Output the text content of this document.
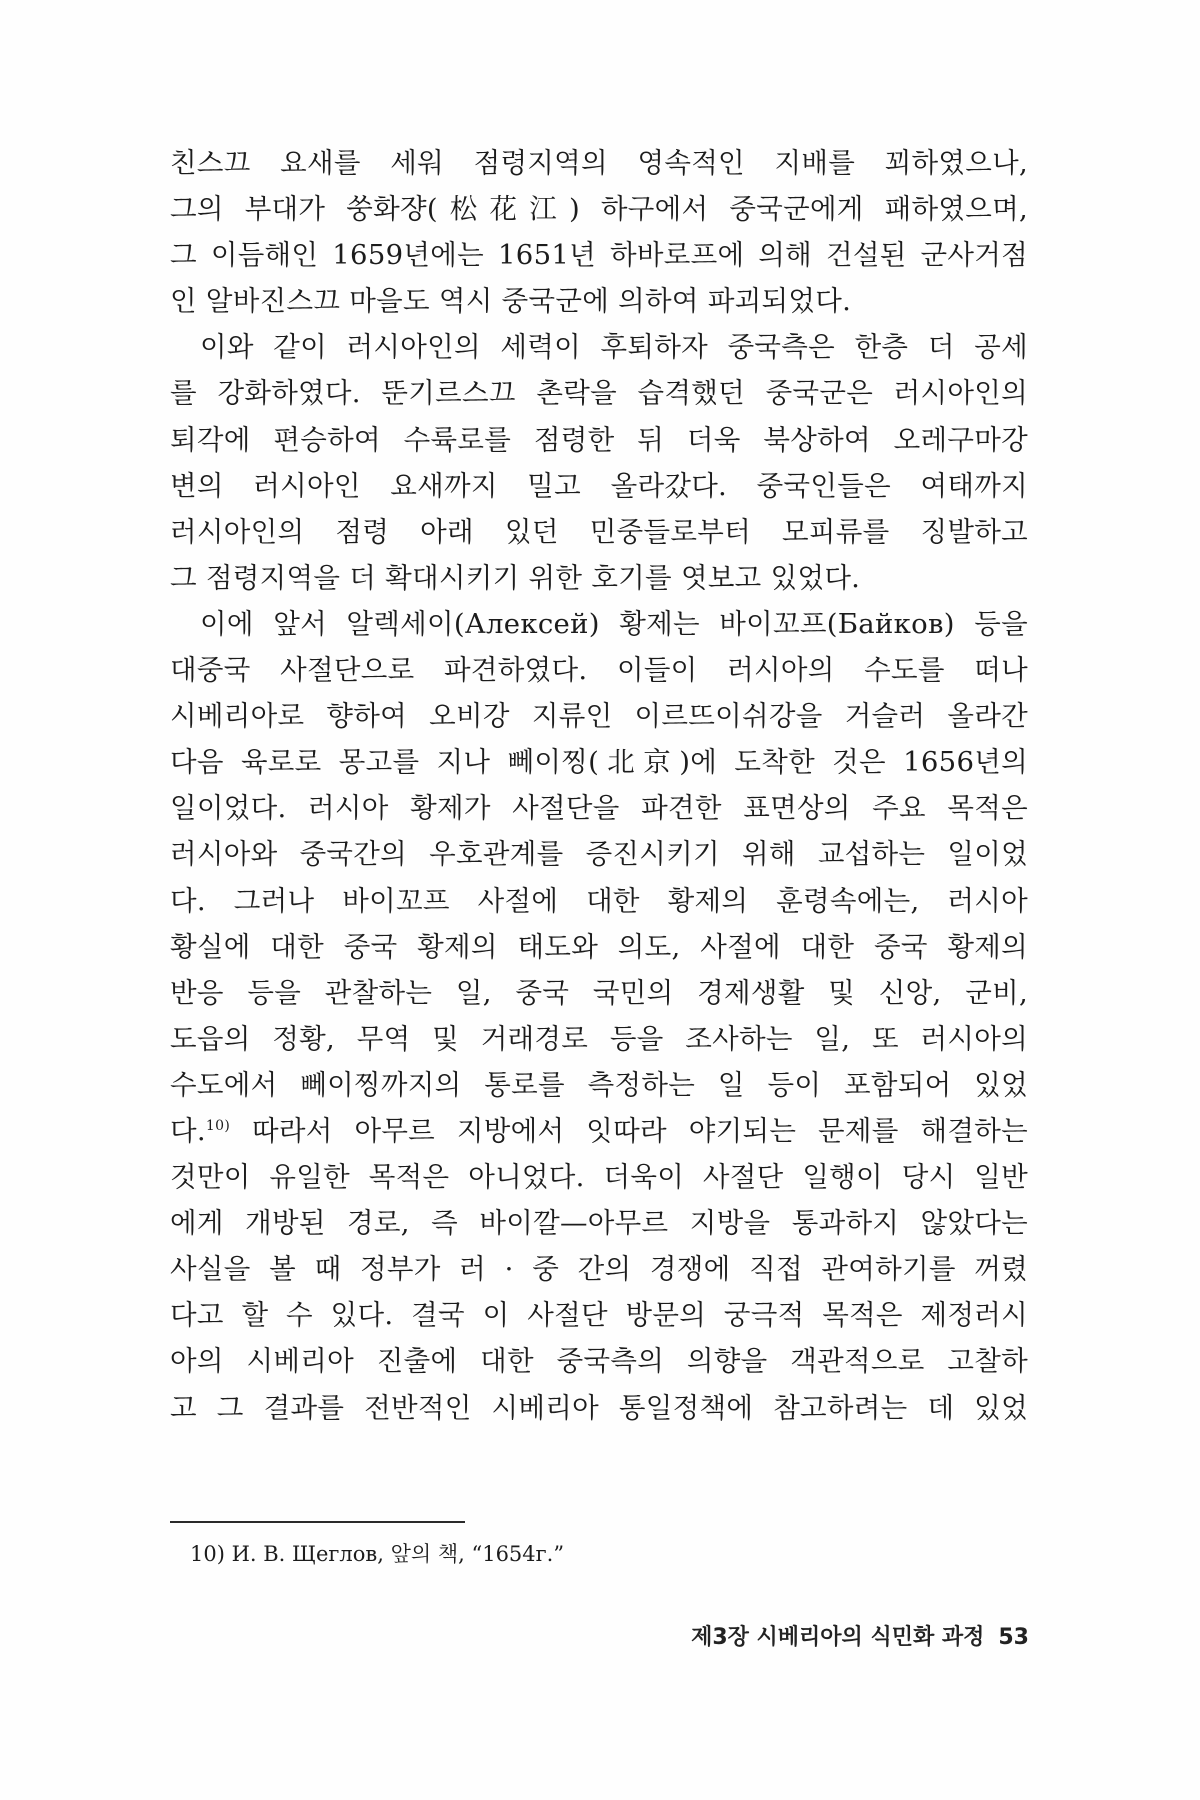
친스끄 요새를 세워 점령지역의 영속적인 지배를 꾀하였으나,
그의 부대가 쑹화쟝(松花江) 하구에서 중국군에게 패하였으며,
그 이듬해인 1659년에는 1651년 하바로프에 의해 건설된 군사거점
인 알바진스끄 마을도 역시 중국군에 의하여 파괴되었다.
이와 같이 러시아인의 세력이 후퇴하자 중국측은 한층 더 공세
를 강화하였다. 뚠기르스끄 촌락을 습격했던 중국군은 러시아인의
퇴각에 편승하여 수륙로를 점령한 뒤 더욱 북상하여 오레구마강
변의 러시아인 요새까지 밀고 올라갔다. 중국인들은 여태까지
러시아인의 점령 아래 있던 민중들로부터 모피류를 징발하고
그 점령지역을 더 확대시키기 위한 호기를 엿보고 있었다.
이에 앞서 알렉세이(Алексей) 황제는 바이꼬프(Байков) 등을
대중국 사절단으로 파견하였다. 이들이 러시아의 수도를 떠나
시베리아로 향하여 오비강 지류인 이르뜨이쉬강을 거슬러 올라간
다음 육로로 몽고를 지나 뻬이찡(北京)에 도착한 것은 1656년의
일이었다. 러시아 황제가 사절단을 파견한 표면상의 주요 목적은
러시아와 중국간의 우호관계를 증진시키기 위해 교섭하는 일이었
다. 그러나 바이꼬프 사절에 대한 황제의 훈령속에는, 러시아
황실에 대한 중국 황제의 태도와 의도, 사절에 대한 중국 황제의
반응 등을 관찰하는 일, 중국 국민의 경제생활 및 신앙, 군비,
도읍의 정황, 무역 및 거래경로 등을 조사하는 일, 또 러시아의
수도에서 뻬이찡까지의 통로를 측정하는 일 등이 포함되어 있었
다.$^{10)}$ 따라서 아무르 지방에서 잇따라 야기되는 문제를 해결하는
것만이 유일한 목적은 아니었다. 더욱이 사절단 일행이 당시 일반
에게 개방된 경로, 즉 바이깔—아무르 지방을 통과하지 않았다는
사실을 볼 때 정부가 러 · 중 간의 경쟁에 직접 관여하기를 꺼렸
다고 할 수 있다. 결국 이 사절단 방문의 궁극적 목적은 제정러시
아의 시베리아 진출에 대한 중국측의 의향을 객관적으로 고찰하
고 그 결과를 전반적인 시베리아 통일정책에 참고하려는 데 있었
10) И. В. Щеглов, 앞의 책, “1654г.”
제3장 시베리아의 식민화 과정 53
